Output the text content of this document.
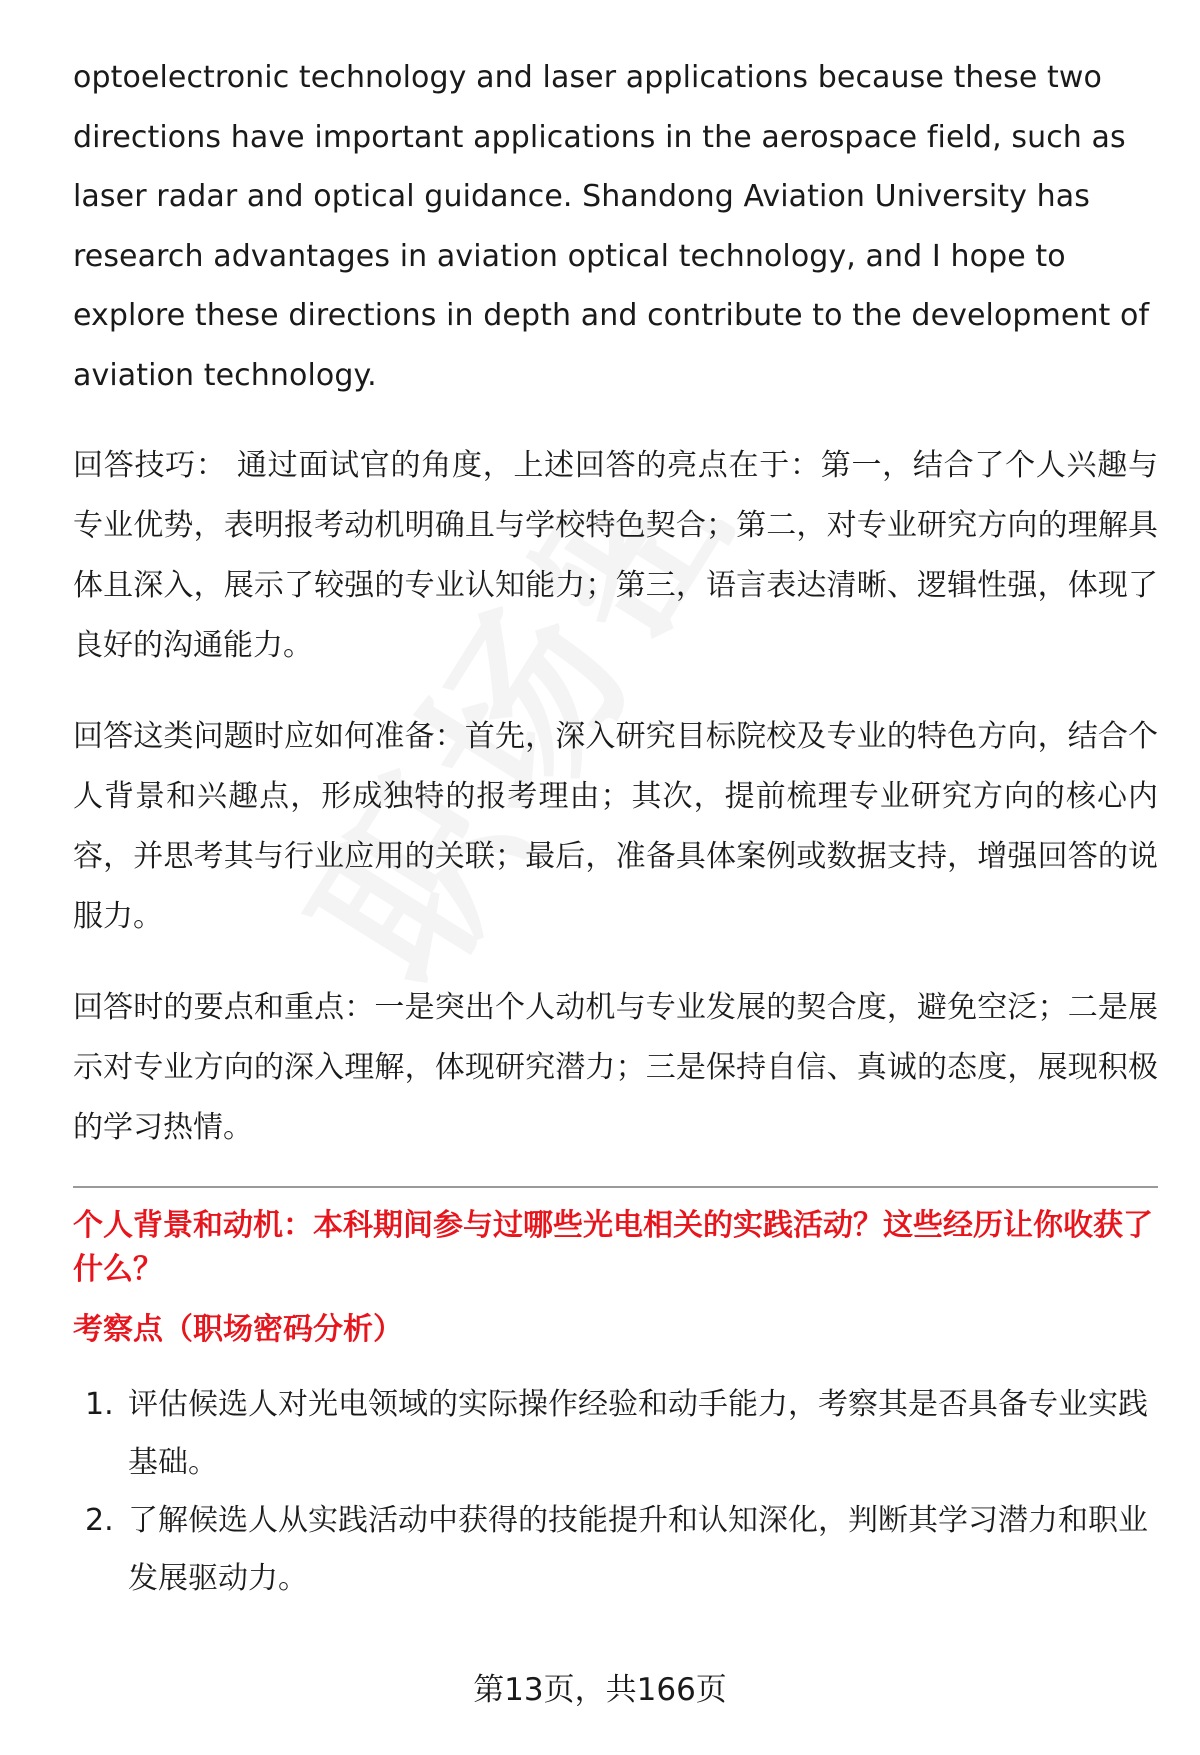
optoelectronic technology and laser applications because these two directions have important applications in the aerospace field, such as laser radar and optical guidance. Shandong Aviation University has research advantages in aviation optical technology, and I hope to explore these directions in depth and contribute to the development of aviation technology.

回答技巧： 通过面试官的角度，上述回答的亮点在于：第一，结合了个人兴趣与专业优势，表明报考动机明确且与学校特色契合；第二，对专业研究方向的理解具体且深入，展示了较强的专业认知能力；第三，语言表达清晰、逻辑性强，体现了良好的沟通能力。

回答这类问题时应如何准备：首先，深入研究目标院校及专业的特色方向，结合个人背景和兴趣点，形成独特的报考理由；其次，提前梳理专业研究方向的核心内容，并思考其与行业应用的关联；最后，准备具体案例或数据支持，增强回答的说服力。

回答时的要点和重点：一是突出个人动机与专业发展的契合度，避免空泛；二是展示对专业方向的深入理解，体现研究潜力；三是保持自信、真诚的态度，展现积极的学习热情。

个人背景和动机：本科期间参与过哪些光电相关的实践活动？这些经历让你收获了什么？

考察点（职场密码分析）

1. 评估候选人对光电领域的实际操作经验和动手能力，考察其是否具备专业实践基础。
2. 了解候选人从实践活动中获得的技能提升和认知深化，判断其学习潜力和职业发展驱动力。
第13页，共166页
